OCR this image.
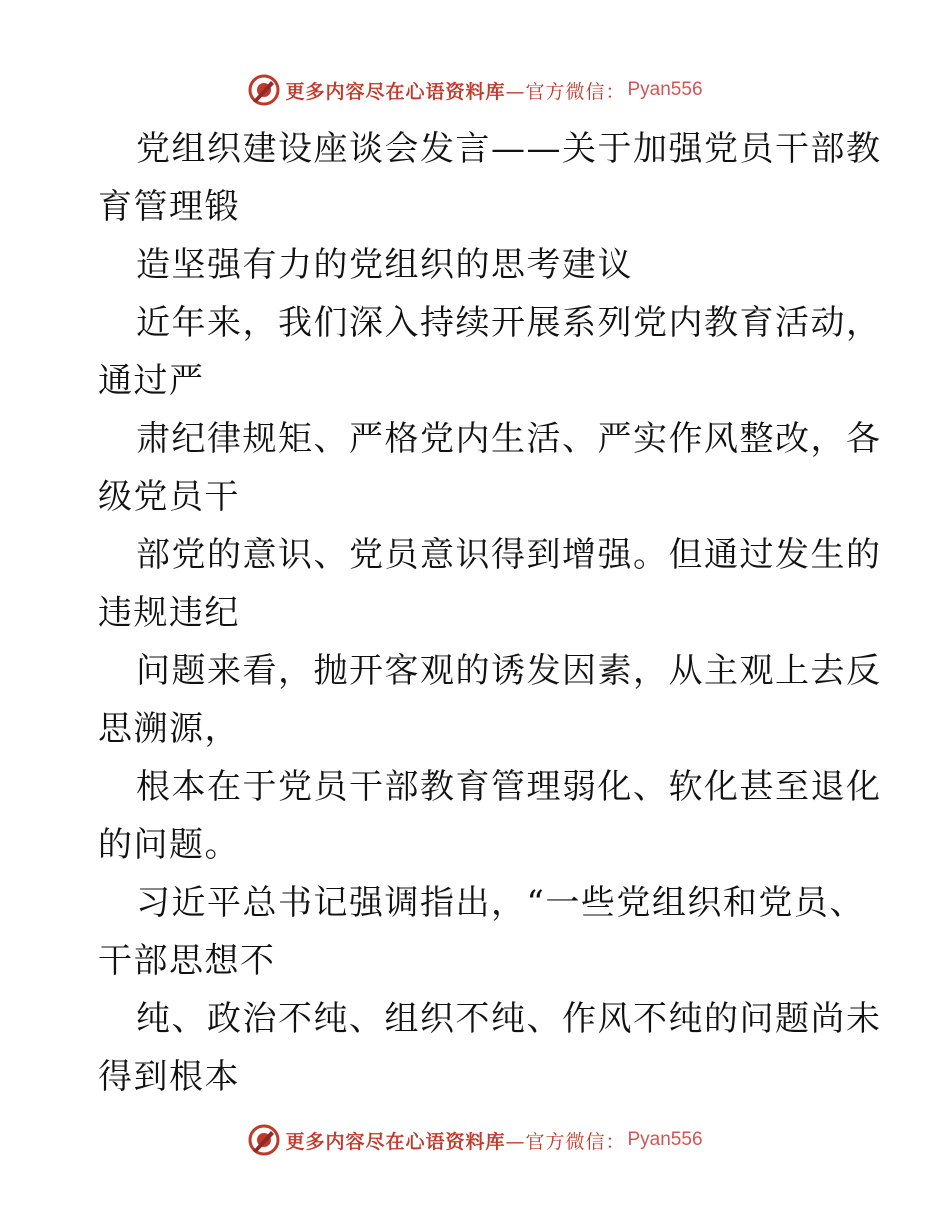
更多内容尽在心语资料库 —官方微信： Pyan556

党组织建设座谈会发言——关于加强党员干部教
育管理锻

造坚强有力的党组织的思考建议

近年来，我们深入持续开展系列党内教育活动，
通过严

肃纪律规矩、严格党内生活、严实作风整改，各
级党员干

部党的意识、党员意识得到增强。但通过发生的
违规违纪

问题来看，抛开客观的诱发因素，从主观上去反
思溯源，

根本在于党员干部教育管理弱化、软化甚至退化
的问题。

习近平总书记强调指出，“一些党组织和党员、
干部思想不

纯、政治不纯、组织不纯、作风不纯的问题尚未
得到根本

更多内容尽在心语资料库 —官方微信： Pyan556
